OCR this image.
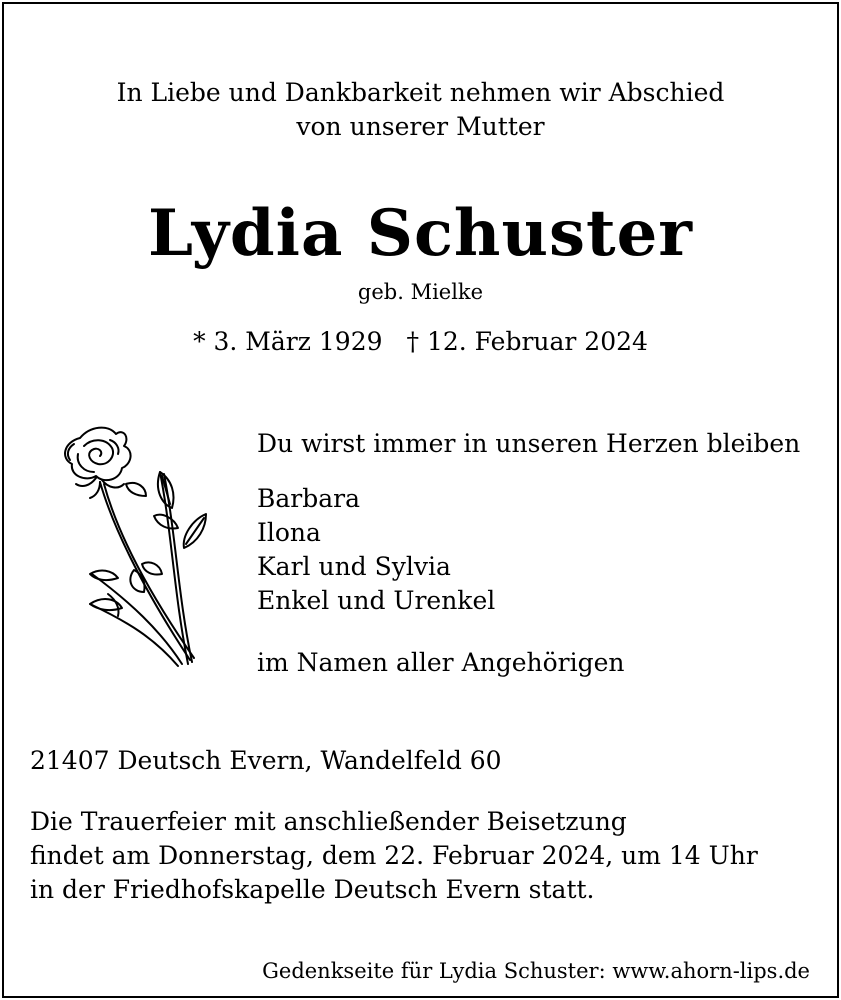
In Liebe und Dankbarkeit nehmen wir Abschied
von unserer Mutter
Lydia Schuster
geb. Mielke
* 3. März 1929 † 12. Februar 2024
Du wirst immer in unseren Herzen bleiben
Barbara
Ilona
Karl und Sylvia
Enkel und Urenkel
im Namen aller Angehörigen
21407 Deutsch Evern, Wandelfeld 60
Die Trauerfeier mit anschließender Beisetzung
findet am Donnerstag, dem 22. Februar 2024, um 14 Uhr
in der Friedhofskapelle Deutsch Evern statt.
Gedenkseite für Lydia Schuster: www.ahorn-lips.de
